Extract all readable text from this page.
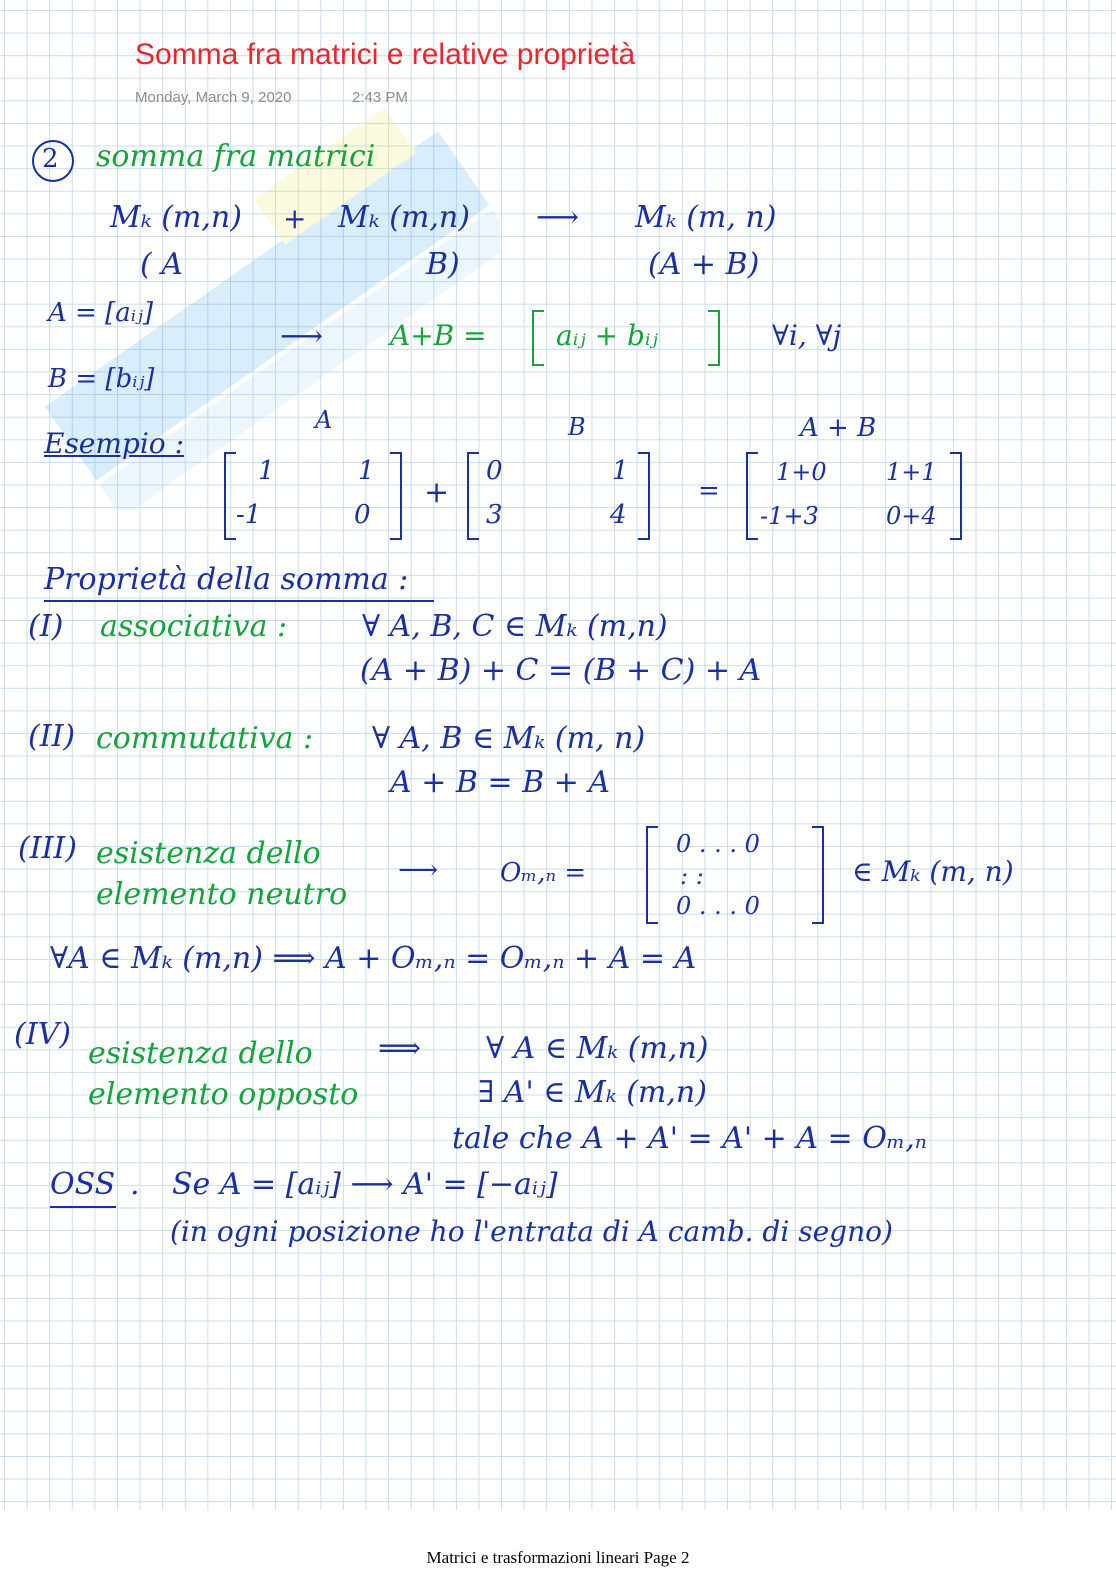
Somma fra matrici e relative proprietà
Monday, March 9, 2020	2:43 PM
2 somma fra matrici
Mₖ (m,n) + Mₖ (m,n) ⟶ Mₖ (m, n)
( A	B)	(A + B)
A = [aᵢⱼ]
B = [bᵢⱼ]
⟶ A+B = aᵢⱼ + bᵢⱼ	∀i, ∀j
A	B	A + B
Esempio :
1	1
-1	0
+
0	1
3	4
=
1+0 1+1
-1+3	0+4
Proprietà della somma :
(I) associativa : ∀ A, B, C ∈ Mₖ (m,n)
(A + B) + C = (B + C) + A
(II) commutativa : ∀ A, B ∈ Mₖ (m, n)
A + B = B + A
(III) esistenza dello elemento neutro
⟶ Oₘ,ₙ =
0 . . . 0
: :
0 . . . 0
∈ Mₖ (m, n)
∀A ∈ Mₖ (m,n) ⟹ A + Oₘ,ₙ = Oₘ,ₙ + A = A
(IV)
esistenza dello elemento opposto
⟹ ∀ A ∈ Mₖ (m,n)
∃ A' ∈ Mₖ (m,n)
tale che A + A' = A' + A = Oₘ,ₙ
OSS . Se A = [aᵢⱼ] ⟶ A' = [−aᵢⱼ]
(in ogni posizione ho l'entrata di A camb. di segno)
Matrici e trasformazioni lineari Page 2
